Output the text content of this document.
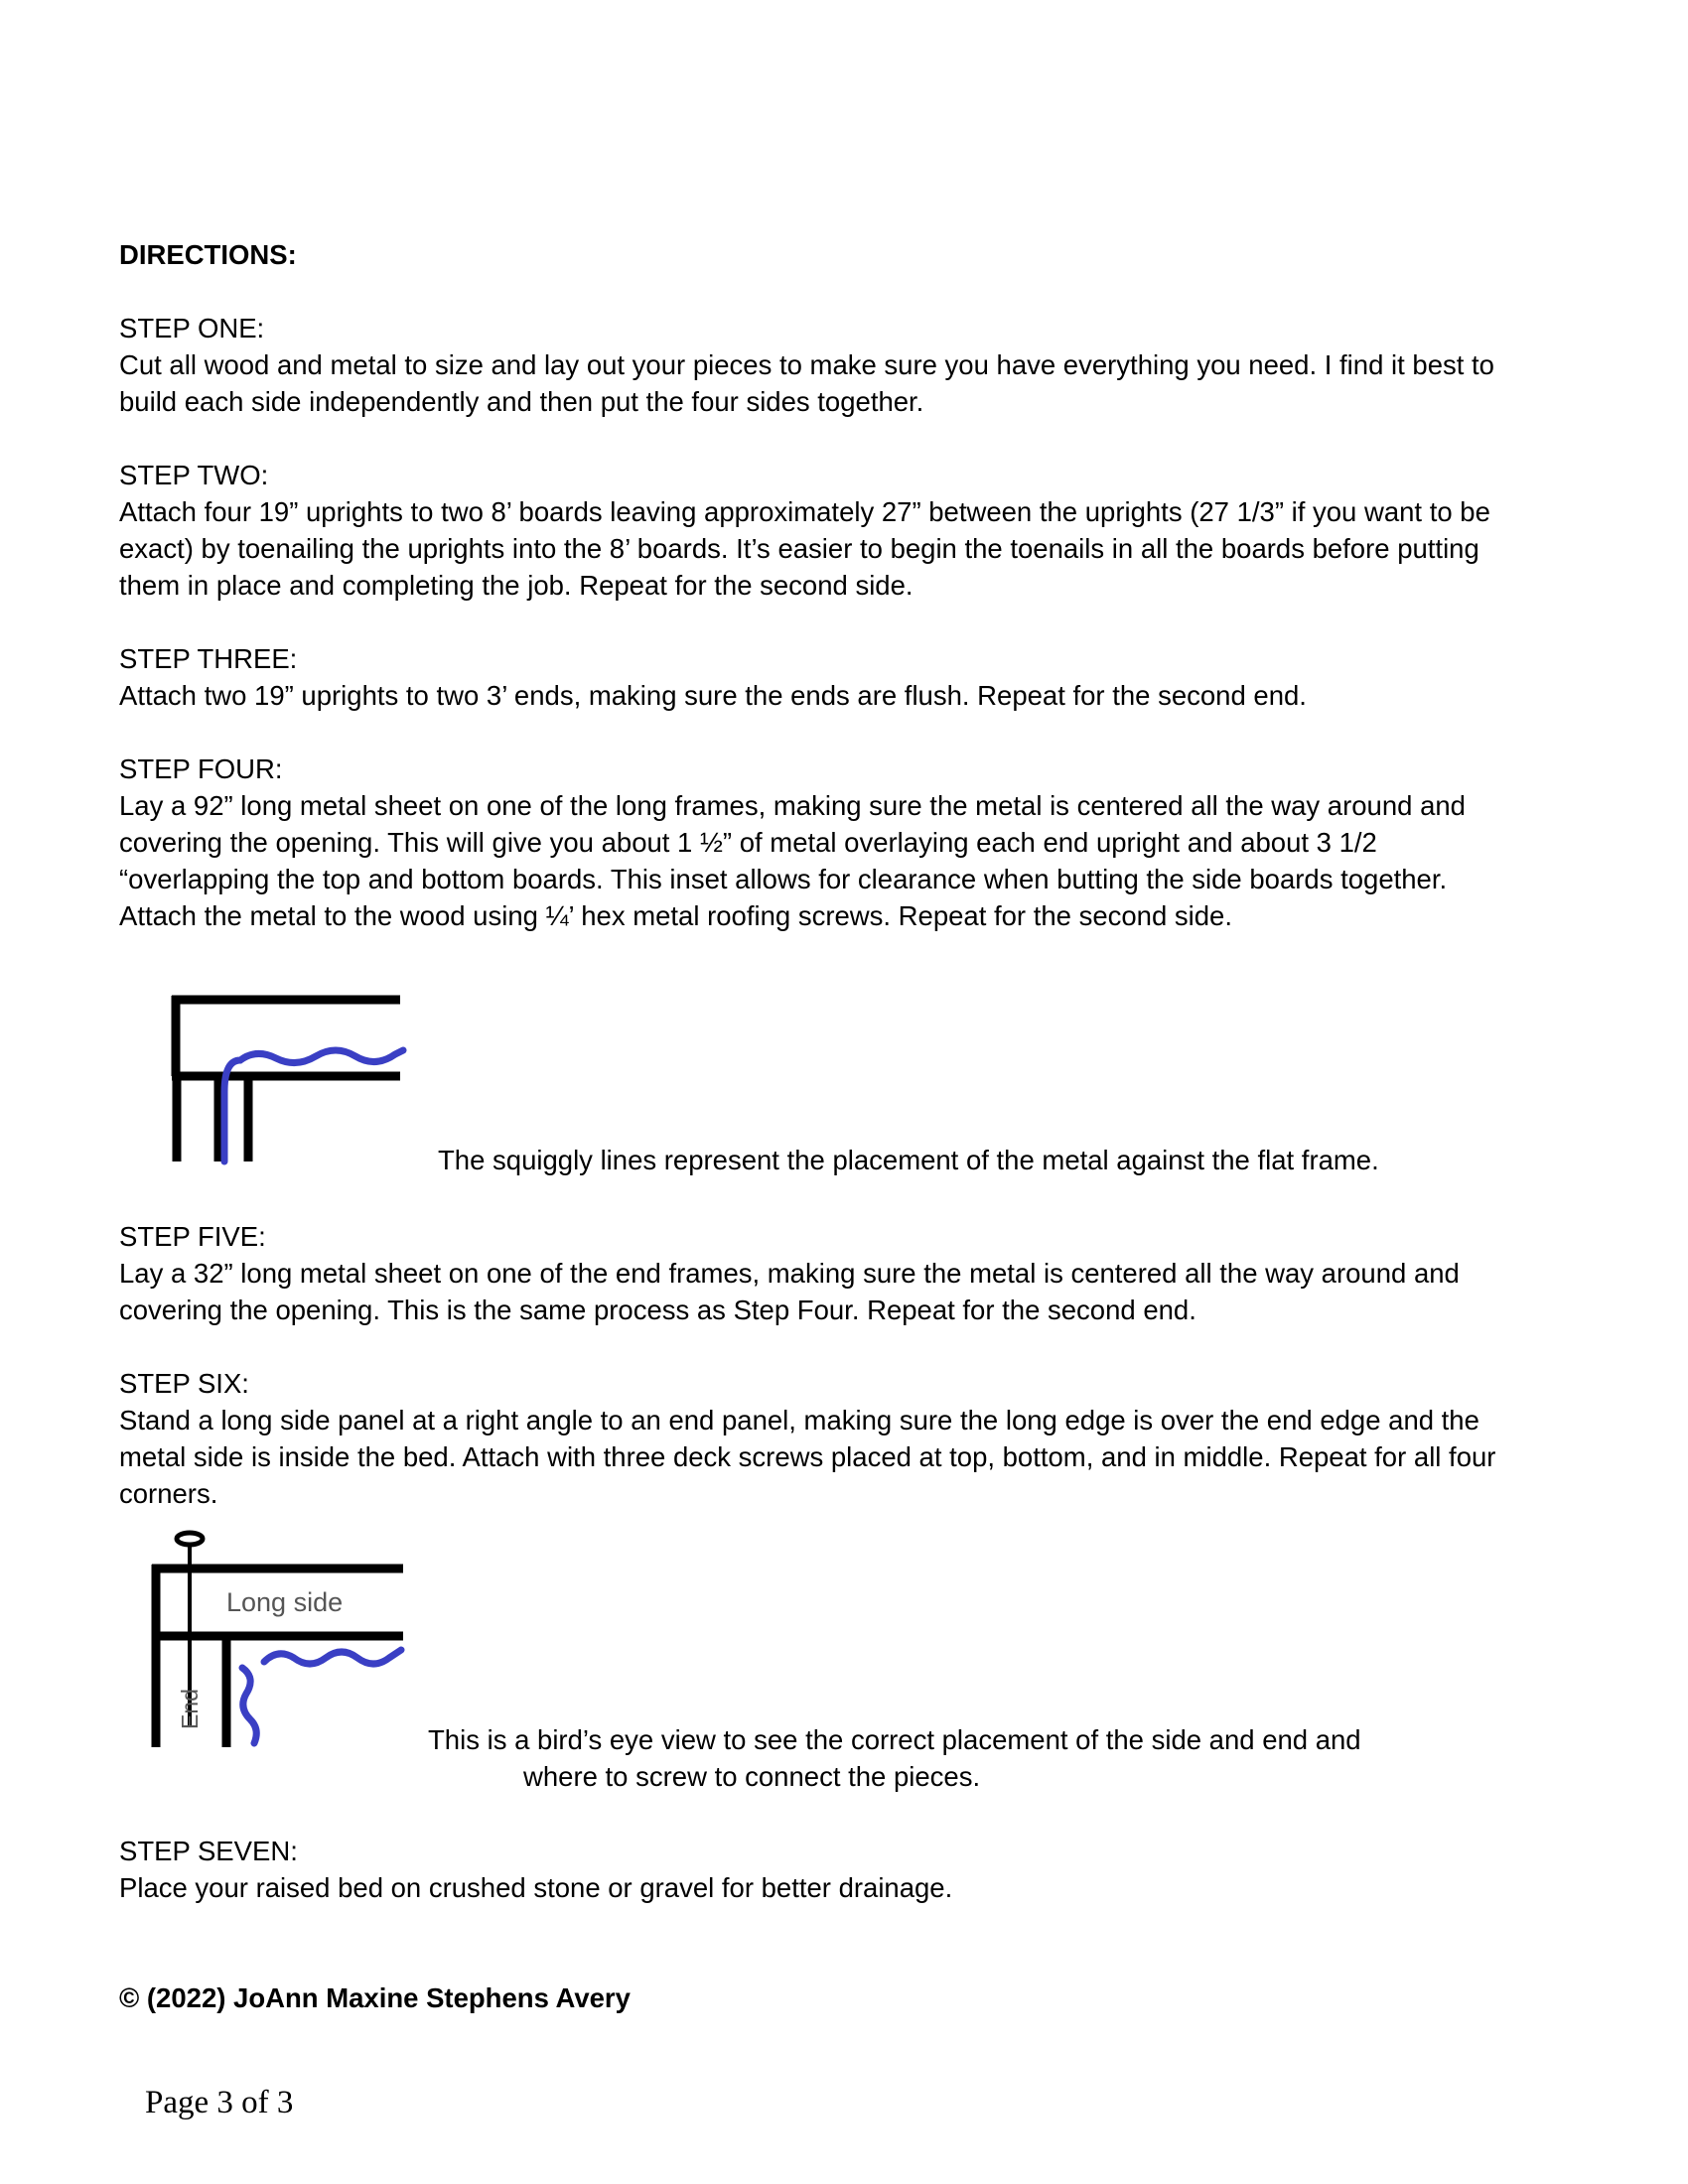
DIRECTIONS:
STEP ONE:
Cut all wood and metal to size and lay out your pieces to make sure you have everything you need. I find it best to
build each side independently and then put the four sides together.
STEP TWO:
Attach four 19” uprights to two 8’ boards leaving approximately 27” between the uprights (27 1/3” if you want to be
exact) by toenailing the uprights into the 8’ boards. It’s easier to begin the toenails in all the boards before putting
them in place and completing the job. Repeat for the second side.
STEP THREE:
Attach two 19” uprights to two 3’ ends, making sure the ends are flush. Repeat for the second end.
STEP FOUR:
Lay a 92” long metal sheet on one of the long frames, making sure the metal is centered all the way around and
covering the opening. This will give you about 1 ½” of metal overlaying each end upright and about 3 1/2
“overlapping the top and bottom boards. This inset allows for clearance when butting the side boards together.
Attach the metal to the wood using ¼’ hex metal roofing screws. Repeat for the second side.
The squiggly lines represent the placement of the metal against the flat frame.
STEP FIVE:
Lay a 32” long metal sheet on one of the end frames, making sure the metal is centered all the way around and
covering the opening. This is the same process as Step Four. Repeat for the second end.
STEP SIX:
Stand a long side panel at a right angle to an end panel, making sure the long edge is over the end edge and the
metal side is inside the bed. Attach with three deck screws placed at top, bottom, and in middle. Repeat for all four
corners.
Long side
End
This is a bird’s eye view to see the correct placement of the side and end and
where to screw to connect the pieces.
STEP SEVEN:
Place your raised bed on crushed stone or gravel for better drainage.
© (2022) JoAnn Maxine Stephens Avery
Page 3 of 3
